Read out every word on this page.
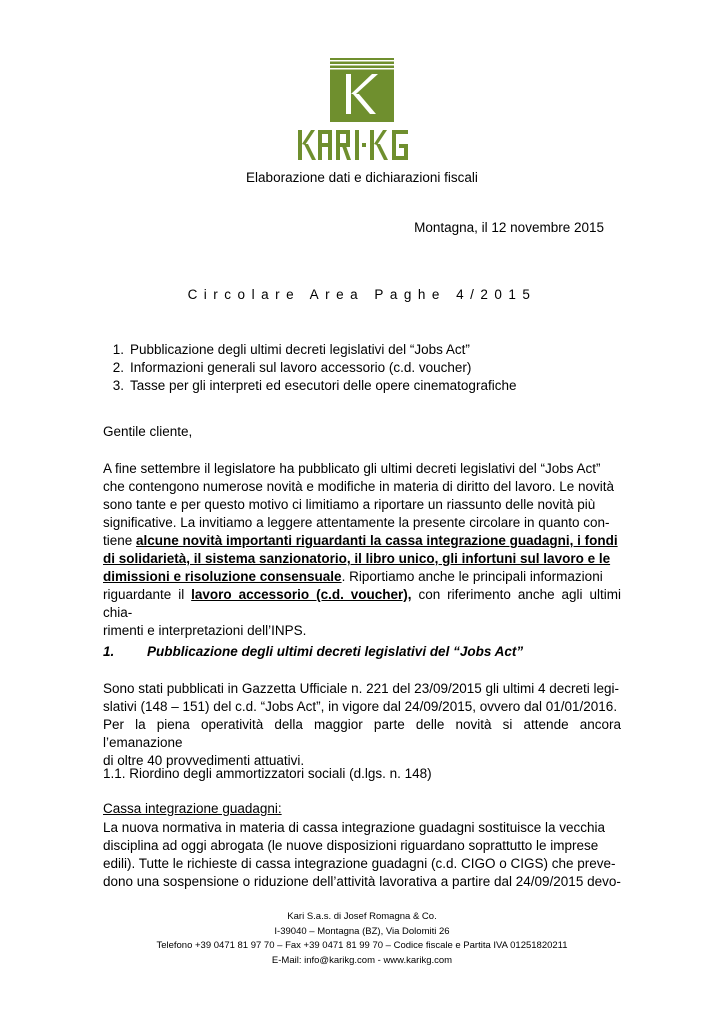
Elaborazione dati e dichiarazioni fiscali
Montagna, il 12 novembre 2015
Circolare Area Paghe 4/2015
1. Pubblicazione degli ultimi decreti legislativi del “Jobs Act”
2. Informazioni generali sul lavoro accessorio (c.d. voucher)
3. Tasse per gli interpreti ed esecutori delle opere cinematografiche
Gentile cliente,
A fine settembre il legislatore ha pubblicato gli ultimi decreti legislativi del “Jobs Act”
che contengono numerose novità e modifiche in materia di diritto del lavoro. Le novità
sono tante e per questo motivo ci limitiamo a riportare un riassunto delle novità più
significative. La invitiamo a leggere attentamente la presente circolare in quanto con-
tiene alcune novità importanti riguardanti la cassa integrazione guadagni, i fondi
di solidarietà, il sistema sanzionatorio, il libro unico, gli infortuni sul lavoro e le
dimissioni e risoluzione consensuale. Riportiamo anche le principali informazioni
riguardante il lavoro accessorio (c.d. voucher), con riferimento anche agli ultimi chia-
rimenti e interpretazioni dell’INPS.
1. Pubblicazione degli ultimi decreti legislativi del “Jobs Act”
Sono stati pubblicati in Gazzetta Ufficiale n. 221 del 23/09/2015 gli ultimi 4 decreti legi-
slativi (148 – 151) del c.d. “Jobs Act”, in vigore dal 24/09/2015, ovvero dal 01/01/2016.
Per la piena operatività della maggior parte delle novità si attende ancora l’emanazione
di oltre 40 provvedimenti attuativi.
1.1. Riordino degli ammortizzatori sociali (d.lgs. n. 148)
Cassa integrazione guadagni:
La nuova normativa in materia di cassa integrazione guadagni sostituisce la vecchia
disciplina ad oggi abrogata (le nuove disposizioni riguardano soprattutto le imprese
edili). Tutte le richieste di cassa integrazione guadagni (c.d. CIGO o CIGS) che preve-
dono una sospensione o riduzione dell’attività lavorativa a partire dal 24/09/2015 devo-
Kari S.a.s. di Josef Romagna & Co.
I-39040 – Montagna (BZ), Via Dolomiti 26
Telefono +39 0471 81 97 70 – Fax +39 0471 81 99 70 – Codice fiscale e Partita IVA 01251820211
E-Mail: info@karikg.com - www.karikg.com
